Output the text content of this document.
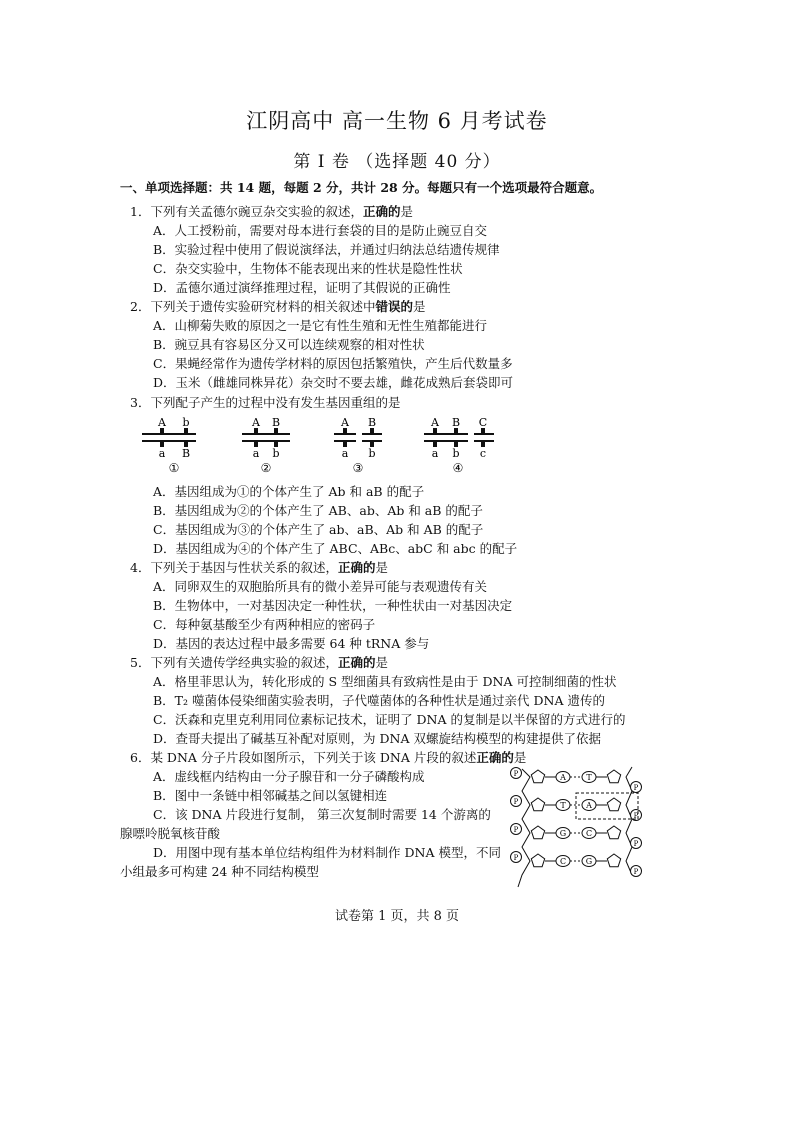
江阴高中 高一生物 6 月考试卷
第 I 卷 （选择题 40 分）
一、单项选择题：共 14 题，每题 2 分，共计 28 分。每题只有一个选项最符合题意。
1．下列有关孟德尔豌豆杂交实验的叙述，正确的是
A．人工授粉前，需要对母本进行套袋的目的是防止豌豆自交
B．实验过程中使用了假说演绎法，并通过归纳法总结遗传规律
C．杂交实验中，生物体不能表现出来的性状是隐性性状
D．孟德尔通过演绎推理过程，证明了其假说的正确性
2．下列关于遗传实验研究材料的相关叙述中错误的是
A．山柳菊失败的原因之一是它有性生殖和无性生殖都能进行
B．豌豆具有容易区分又可以连续观察的相对性状
C．果蝇经常作为遗传学材料的原因包括繁殖快，产生后代数量多
D．玉米（雌雄同株异花）杂交时不要去雄，雌花成熟后套袋即可
3．下列配子产生的过程中没有发生基因重组的是
A b
a B
①
A B
a b
②
A B
a b
③
A B C
a b c
④
A．基因组成为①的个体产生了 Ab 和 aB 的配子
B．基因组成为②的个体产生了 AB、ab、Ab 和 aB 的配子
C．基因组成为③的个体产生了 ab、aB、Ab 和 AB 的配子
D．基因组成为④的个体产生了 ABC、ABc、abC 和 abc 的配子
4．下列关于基因与性状关系的叙述，正确的是
A．同卵双生的双胞胎所具有的微小差异可能与表观遗传有关
B．生物体中，一对基因决定一种性状，一种性状由一对基因决定
C．每种氨基酸至少有两种相应的密码子
D．基因的表达过程中最多需要 64 种 tRNA 参与
5．下列有关遗传学经典实验的叙述，正确的是
A．格里菲思认为，转化形成的 S 型细菌具有致病性是由于 DNA 可控制细菌的性状
B．T₂ 噬菌体侵染细菌实验表明，子代噬菌体的各种性状是通过亲代 DNA 遗传的
C．沃森和克里克利用同位素标记技术，证明了 DNA 的复制是以半保留的方式进行的
D．查哥夫提出了碱基互补配对原则，为 DNA 双螺旋结构模型的构建提供了依据
6．某 DNA 分子片段如图所示，下列关于该 DNA 片段的叙述正确的是
A．虚线框内结构由一分子腺苷和一分子磷酸构成
B．图中一条链中相邻碱基之间以氢键相连
C．该 DNA 片段进行复制， 第三次复制时需要 14 个游离的腺嘌呤脱氧核苷酸
D．用图中现有基本单位结构组件为材料制作 DNA 模型，不同小组最多可构建 24 种不同结构模型
P
P
A	T
P
P
T	A
P
P
G C
P
P
C G
试卷第 1 页，共 8 页
